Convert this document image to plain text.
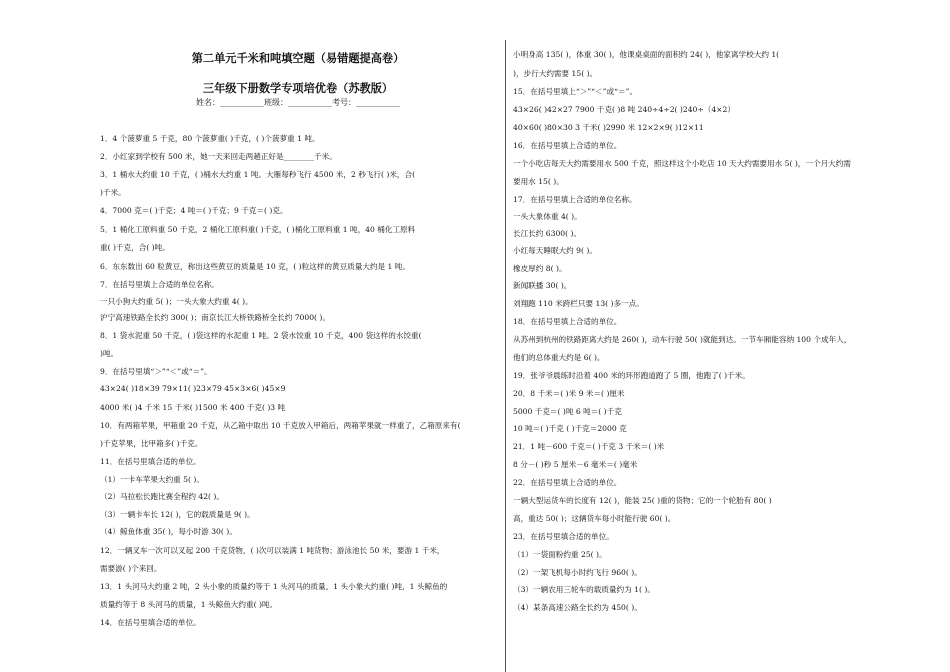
第二单元千米和吨填空题（易错题提高卷）
三年级下册数学专项培优卷（苏教版）
姓名：___________班级：___________考号：___________
1．4 个菠萝重 5 千克，80 个菠萝重( )千克，( )个菠萝重 1 吨。
2．小红家到学校有 500 米，她一天来回走两趟正好是________千米。
3．1 桶水大约重 10 千克，( )桶水大约重 1 吨。大雁每秒飞行 4500 米，2 秒飞行( )米，合(
)千米。
4．7000 克＝( )千克；4 吨＝( )千克；9 千克＝( )克。
5．1 桶化工原料重 50 千克，2 桶化工原料重( )千克，( )桶化工原料重 1 吨，40 桶化工原料
重( )千克，合( )吨。
6．东东数出 60 粒黄豆，称出这些黄豆的质量是 10 克，( )粒这样的黄豆质量大约是 1 吨。
7．在括号里填上合适的单位名称。
一只小狗大约重 5( )；一头大象大约重 4( )。
沪宁高速铁路全长约 300( )；南京长江大桥铁路桥全长约 7000( )。
8．1 袋水泥重 50 千克，( )袋这样的水泥重 1 吨。2 袋水饺重 10 千克，400 袋这样的水饺重(
)吨。
9．在括号里填“＞”“＜”或“＝”。
43×24( )18×39 79×11( )23×79 45×3×6( )45×9
4000 米( )4 千米 15 千米( )1500 米 400 千克( )3 吨
10．有两箱苹果，甲箱重 20 千克，从乙箱中取出 10 千克放入甲箱后，两箱苹果就一样重了，乙箱原来有(
)千克苹果，比甲箱多( )千克。
11．在括号里填合适的单位。
（1）一卡车苹果大约重 5( )。
（2）马拉松长跑比赛全程约 42( )。
（3）一辆卡车长 12( )，它的载质量是 9( )。
（4）鲸鱼体重 35( )，每小时游 30( )。
12．一辆叉车一次可以叉起 200 千克货物，( )次可以装满 1 吨货物；游泳池长 50 米，要游 1 千米，
需要游( )个来回。
13．1 头河马大约重 2 吨，2 头小象的质量约等于 1 头河马的质量，1 头小象大约重( )吨，1 头鲸鱼的
质量约等于 8 头河马的质量，1 头鲸鱼大约重( )吨。
14．在括号里填合适的单位。
小明身高 135( )，体重 30( )，他课桌桌面的面积约 24( )，他家离学校大约 1(
)，步行大约需要 15( )。
15．在括号里填上“＞”“＜”或“＝”。
43×26( )42×27 7900 千克( )8 吨 240÷4÷2( )240÷（4×2）
40×60( )80×30 3 千米( )2990 米 12×2×9( )12×11
16．在括号里填上合适的单位。
一个小吃店每天大约需要用水 500 千克，照这样这个小吃店 10 天大约需要用水 5( )，一个月大约需
要用水 15( )。
17．在括号里填上合适的单位名称。
一头大象体重 4( )。
长江长约 6300( )。
小红每天睡眠大约 9( )。
橡皮厚约 8( )。
新闻联播 30( )。
刘翔跑 110 米跨栏只要 13( )多一点。
18．在括号里填上合适的单位。
从苏州到杭州的铁路距离大约是 260( )，动车行驶 50( )就能到达。一节车厢能容纳 100 个成年人，
他们的总体重大约是 6( )。
19．张爷爷晨练时沿着 400 米的环形跑道跑了 5 圈，他跑了( )千米。
20．8 千米＝( )米 9 米＝( )厘米
5000 千克＝( )吨 6 吨＝( )千克
10 吨＝( )千克 ( )千克＝2000 克
21．1 吨－600 千克＝( )千克 3 千米＝( )米
8 分－( )秒 5 厘米－6 毫米＝( )毫米
22．在括号里填上合适的单位。
一辆大型运货车的长度有 12( )，能装 25( )重的货物；它的一个轮胎有 80( )
高，重达 50( )；这辆货车每小时能行驶 60( )。
23．在括号里填合适的单位。
（1）一袋面粉约重 25( )。
（2）一架飞机每小时约飞行 960( )。
（3）一辆农用三轮车的载质量约为 1( )。
（4）某条高速公路全长约为 450( )。
